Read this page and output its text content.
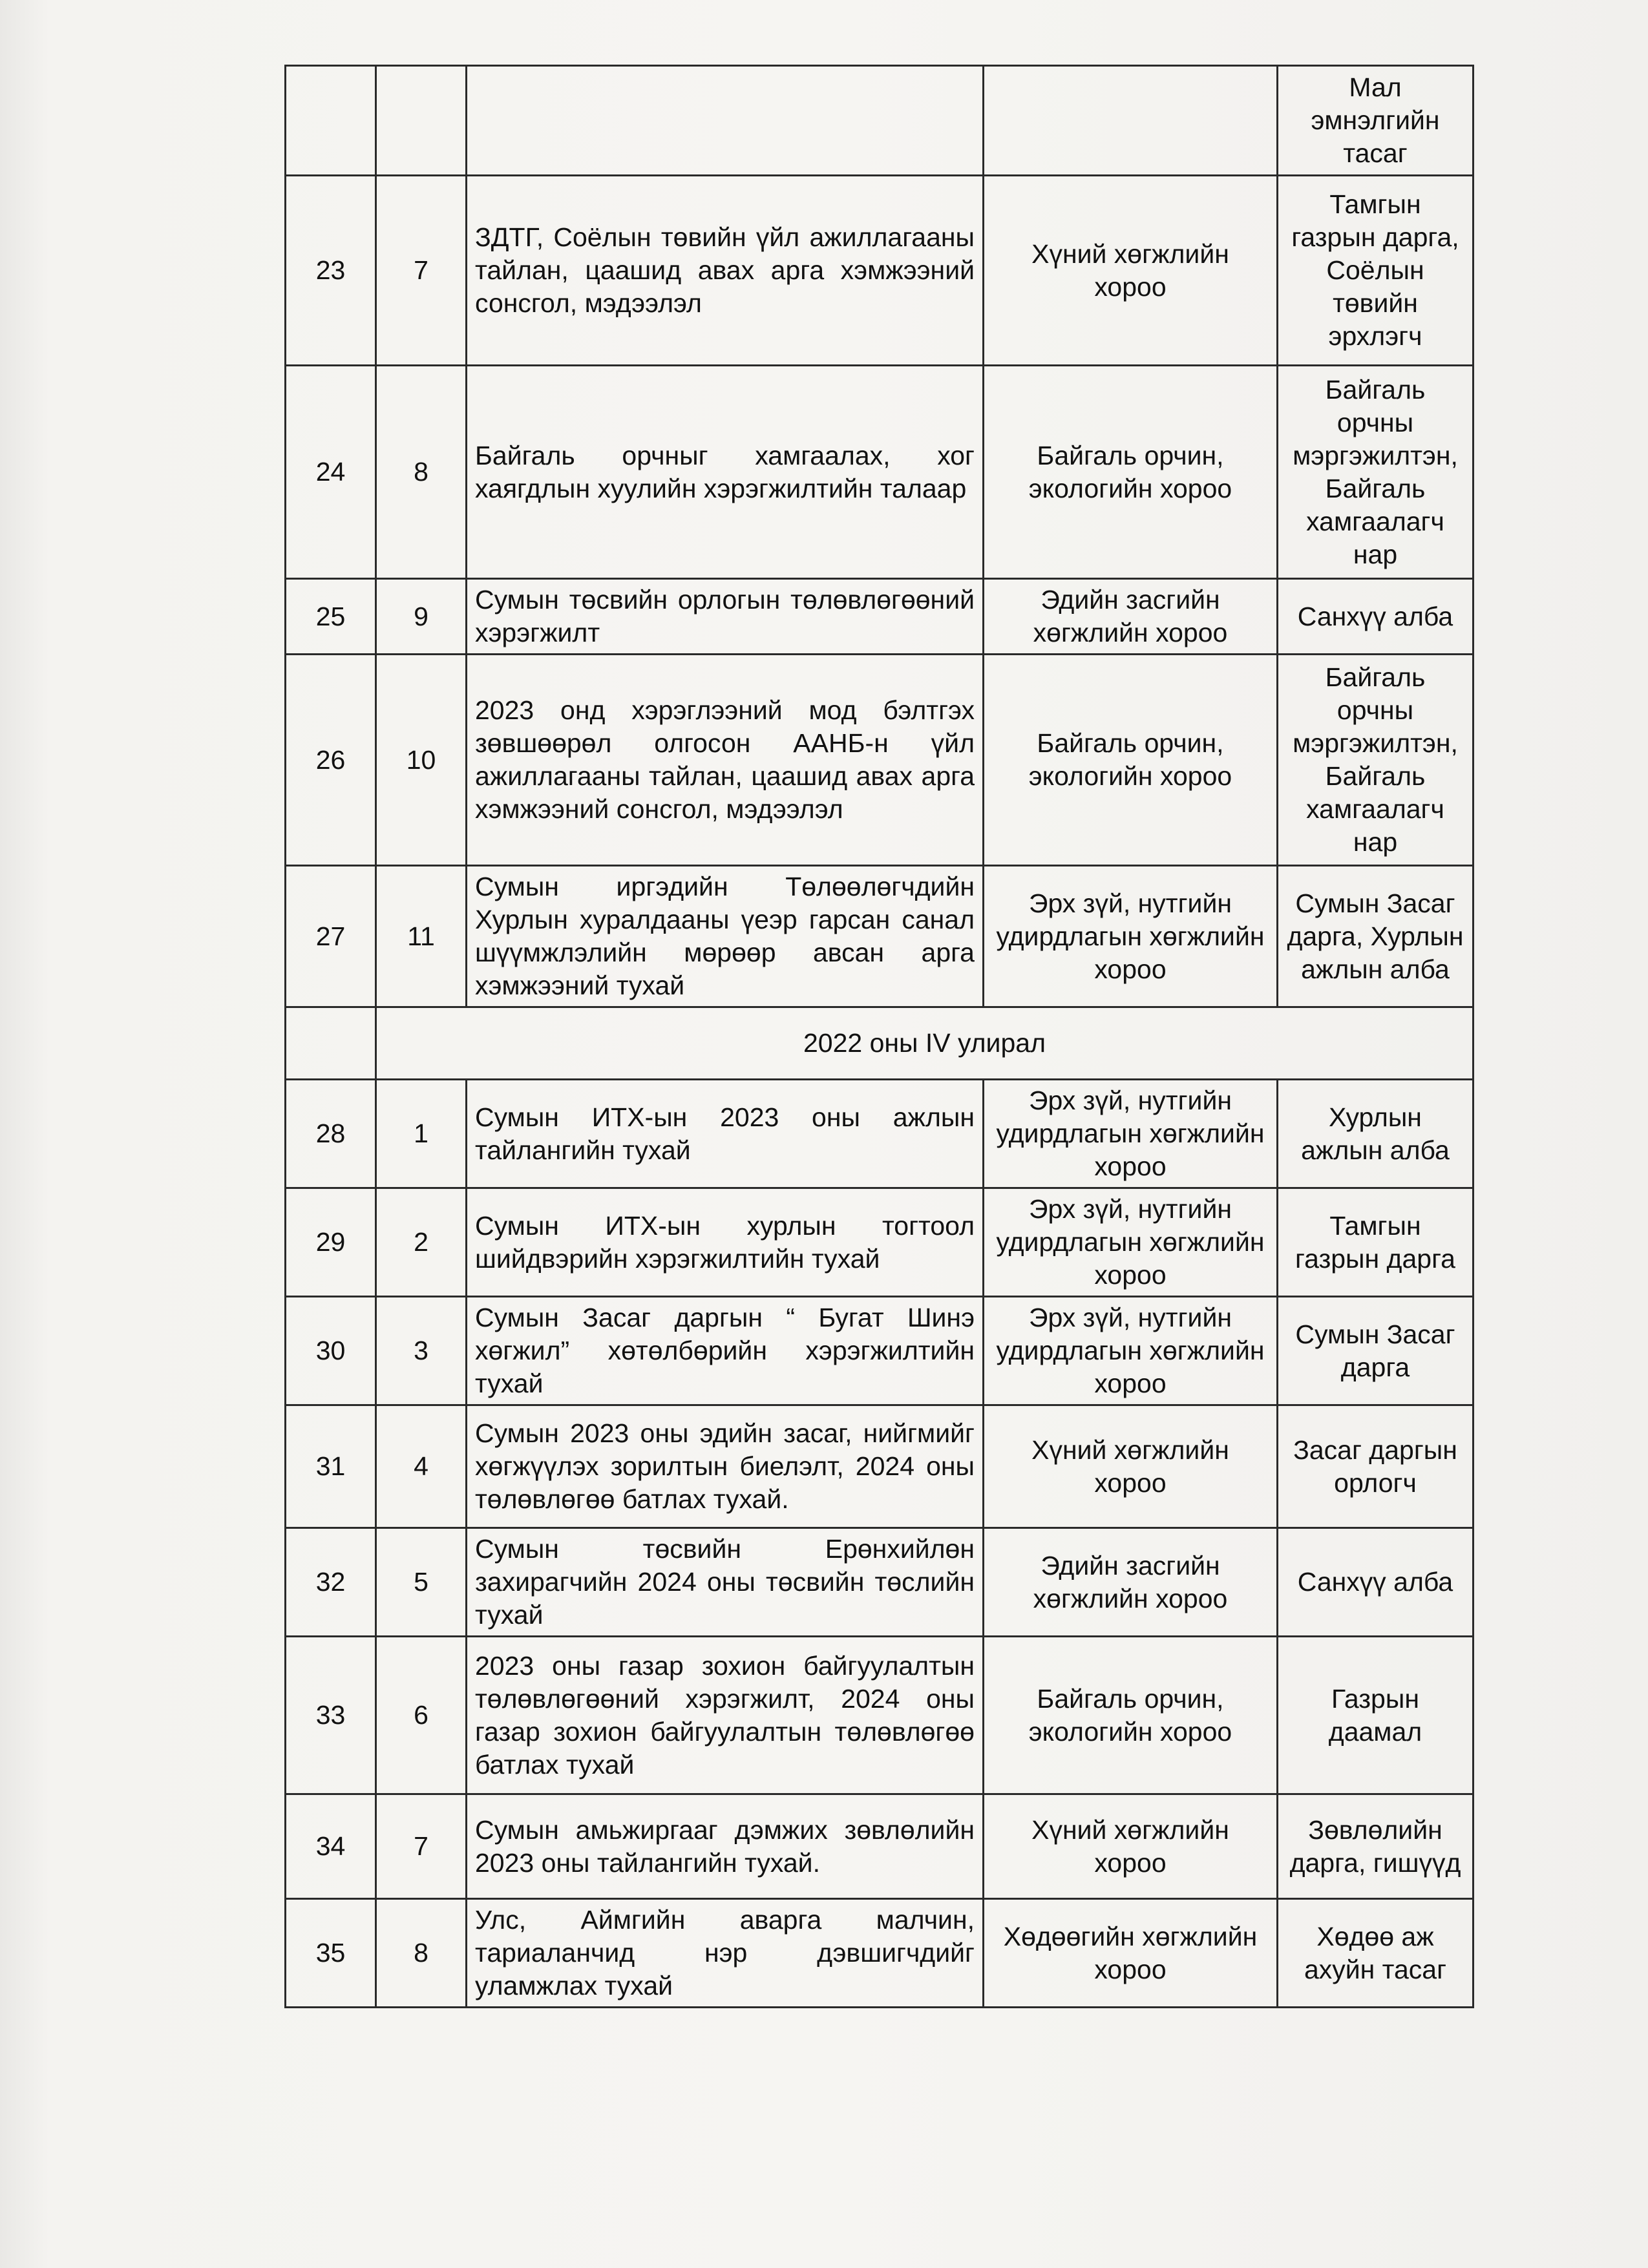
				Мал эмнэлгийн тасаг
23	7	ЗДТГ, Соёлын төвийн үйл ажиллагааны тайлан, цаашид авах арга хэмжээний сонсгол, мэдээлэл	Хүний хөгжлийн хороо	Тамгын газрын дарга, Соёлын төвийн эрхлэгч
24	8	Байгаль орчныг хамгаалах, хог хаягдлын хуулийн хэрэгжилтийн талаар	Байгаль орчин, экологийн хороо	Байгаль орчны мэргэжилтэн, Байгаль хамгаалагч нар
25	9	Сумын төсвийн орлогын төлөвлөгөөний хэрэгжилт	Эдийн засгийн хөгжлийн хороо	Санхүү алба
26	10	2023 онд хэрэглээний мод бэлтгэх зөвшөөрөл олгосон ААНБ-н үйл ажиллагааны тайлан, цаашид авах арга хэмжээний сонсгол, мэдээлэл	Байгаль орчин, экологийн хороо	Байгаль орчны мэргэжилтэн, Байгаль хамгаалагч нар
27	11	Сумын иргэдийн Төлөөлөгчдийн Хурлын хуралдааны үеэр гарсан санал шүүмжлэлийн мөрөөр авсан арга хэмжээний тухай	Эрх зүй, нутгийн удирдлагын хөгжлийн хороо	Сумын Засаг дарга, Хурлын ажлын алба
	2022 оны IV улирал			
28	1	Сумын ИТХ-ын 2023 оны ажлын тайлангийн тухай	Эрх зүй, нутгийн удирдлагын хөгжлийн хороо	Хурлын ажлын алба
29	2	Сумын ИТХ-ын хурлын тогтоол шийдвэрийн хэрэгжилтийн тухай	Эрх зүй, нутгийн удирдлагын хөгжлийн хороо	Тамгын газрын дарга
30	3	Сумын Засаг даргын “ Бугат Шинэ хөгжил” хөтөлбөрийн хэрэгжилтийн тухай	Эрх зүй, нутгийн удирдлагын хөгжлийн хороо	Сумын Засаг дарга
31	4	Сумын 2023 оны эдийн засаг, нийгмийг хөгжүүлэх зорилтын биелэлт, 2024 оны төлөвлөгөө батлах тухай.	Хүний хөгжлийн хороо	Засаг даргын орлогч
32	5	Сумын төсвийн Ерөнхийлөн захирагчийн 2024 оны төсвийн төслийн тухай	Эдийн засгийн хөгжлийн хороо	Санхүү алба
33	6	2023 оны газар зохион байгуулалтын төлөвлөгөөний хэрэгжилт, 2024 оны газар зохион байгуулалтын төлөвлөгөө батлах тухай	Байгаль орчин, экологийн хороо	Газрын даамал
34	7	Сумын амьжиргааг дэмжих зөвлөлийн 2023 оны тайлангийн тухай.	Хүний хөгжлийн хороо	Зөвлөлийн дарга, гишүүд
35	8	Улс, Аймгийн аварга малчин, тариаланчид нэр дэвшигчдийг уламжлах тухай	Хөдөөгийн хөгжлийн хороо	Хөдөө аж ахуйн тасаг
